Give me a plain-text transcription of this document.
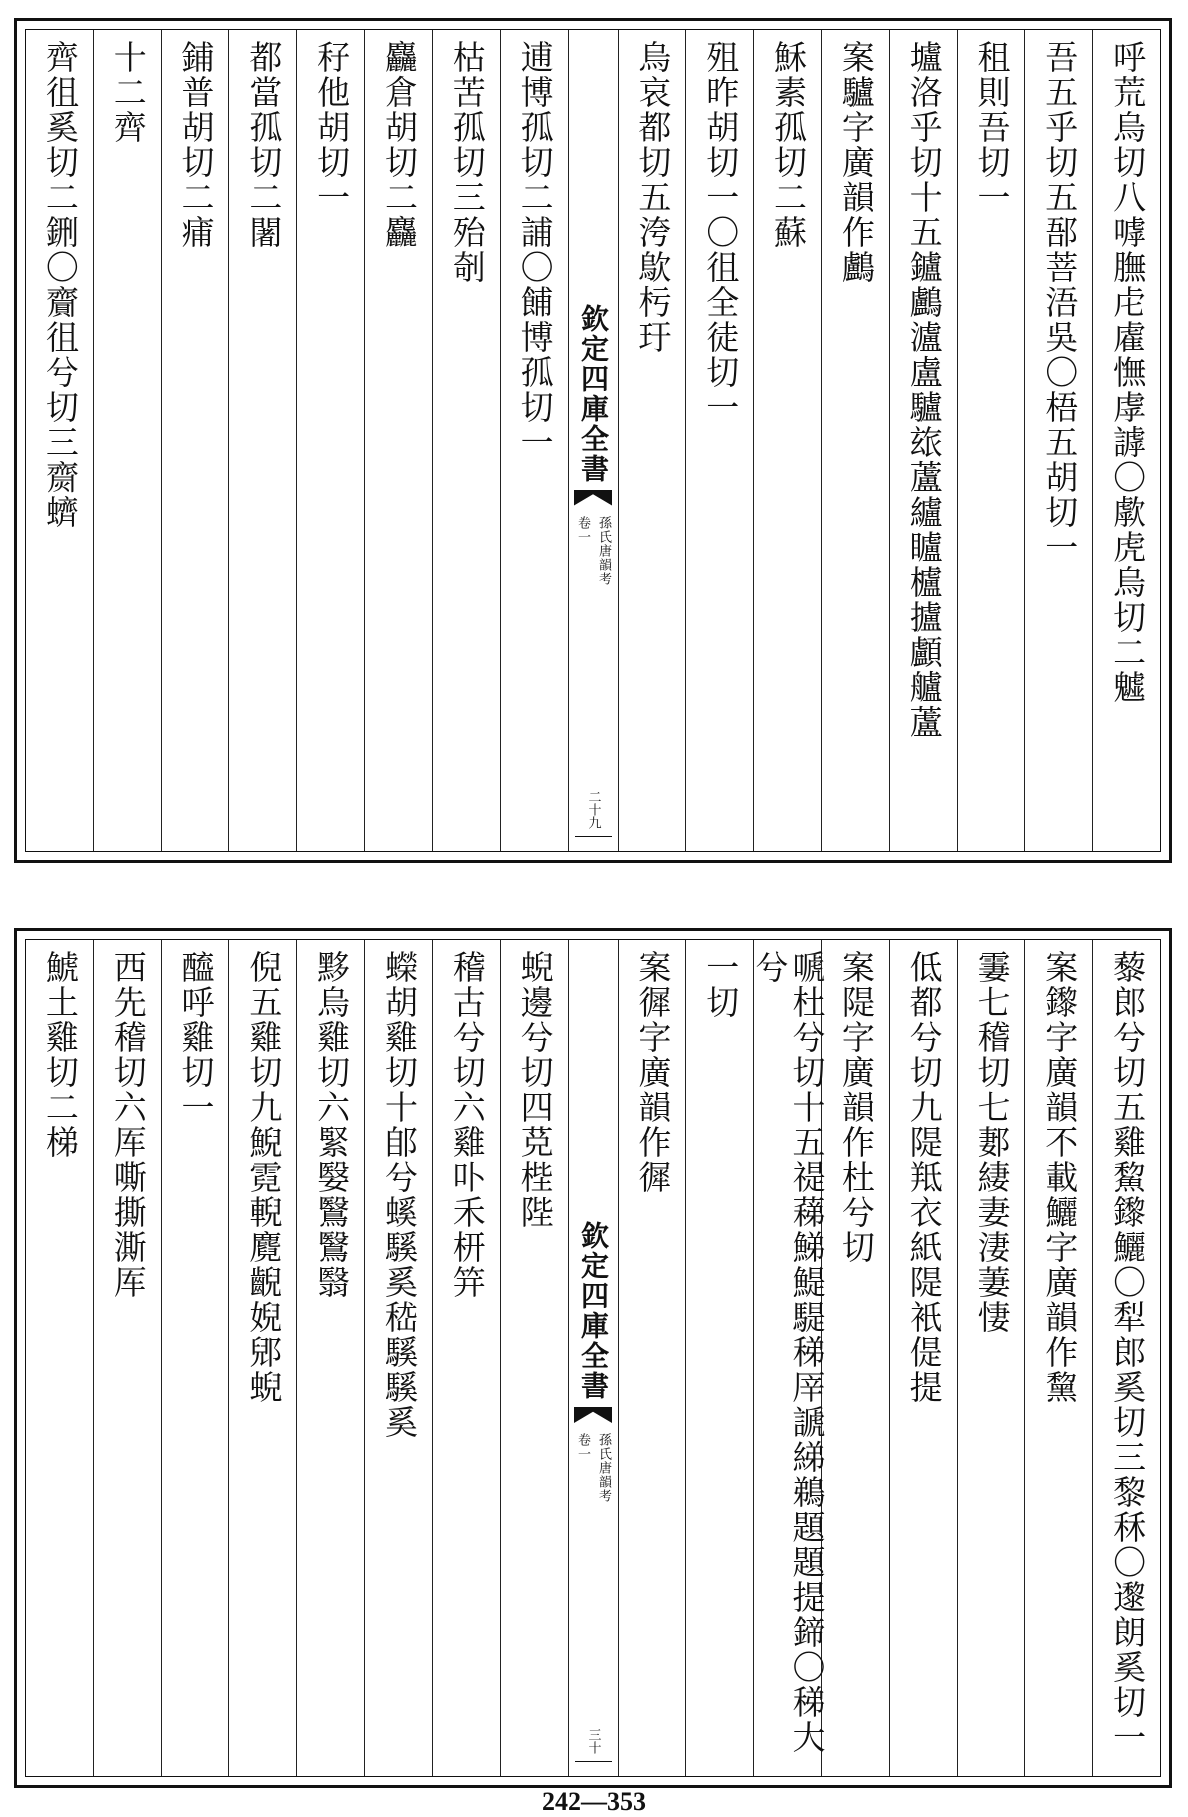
呼荒烏切八嘑膴虍雐憮虖謼〇歑虎烏切二魖
吾五乎切五郚菩浯吳〇梧五胡切一
租則吾切一
壚洛乎切十五鑪鸕瀘盧驢玈蘆纑矑櫨攎顱艫蘆
案驢字廣韻作鸕
穌素孤切二蘇
殂昨胡切一〇徂全徒切一
烏哀都切五洿歍杇玗
欽定四庫全書
孫氏唐韻考
卷一
二十九
逋博孤切二誧〇餔博孤切一
枯苦孤切三殆剞
麤倉胡切二麤
秄他胡切一
都當孤切二闍
鋪普胡切二痡
十二齊
齊徂奚切二鉶〇齎徂兮切三齌蠐
藜郎兮切五雞鯬鑗鱺〇犁郎奚切三黎秝〇邌朗奚切一
案鑗字廣韻不載鱺字廣韻作黧
霋七稽切七郪緀妻淒萋悽
低都兮切九隄羝衣紙隄衹偍提
案隄字廣韻作杜兮切
嗁杜兮切十五禔蕛鮷鯷騠稊厗謕綈鵜題題提鍗〇稊大兮
一切
案徲字廣韻作徲
欽定四庫全書
孫氏唐韻考
卷一
三十
蜺邊兮切四莌梐陛
稽古兮切六雞卟禾枅笄
蠑胡雞切十郋兮螇騱奚嵇騱騱奚
黟烏雞切六緊嫛鷖鷖翳
倪五雞切九鯢霓輗麑齯婗郳蜺
醯呼雞切一
西先稽切六厍嘶撕澌厍
鯱土雞切二梯
242—353
